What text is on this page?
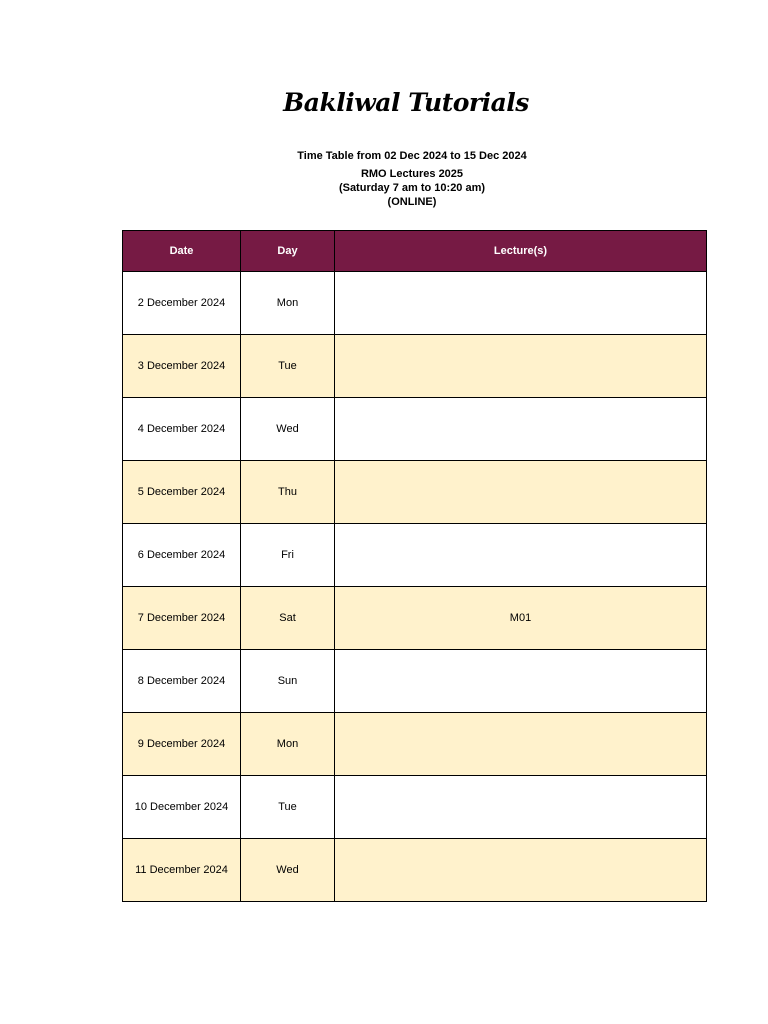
Bakliwal Tutorials
Time Table from 02 Dec 2024 to 15 Dec 2024
RMO Lectures 2025
(Saturday 7 am to 10:20 am)
(ONLINE)
Date	Day	Lecture(s)
2 December 2024	Mon	
3 December 2024	Tue	
4 December 2024	Wed	
5 December 2024	Thu	
6 December 2024	Fri	
7 December 2024	Sat	M01
8 December 2024	Sun	
9 December 2024	Mon	
10 December 2024	Tue	
11 December 2024	Wed	
